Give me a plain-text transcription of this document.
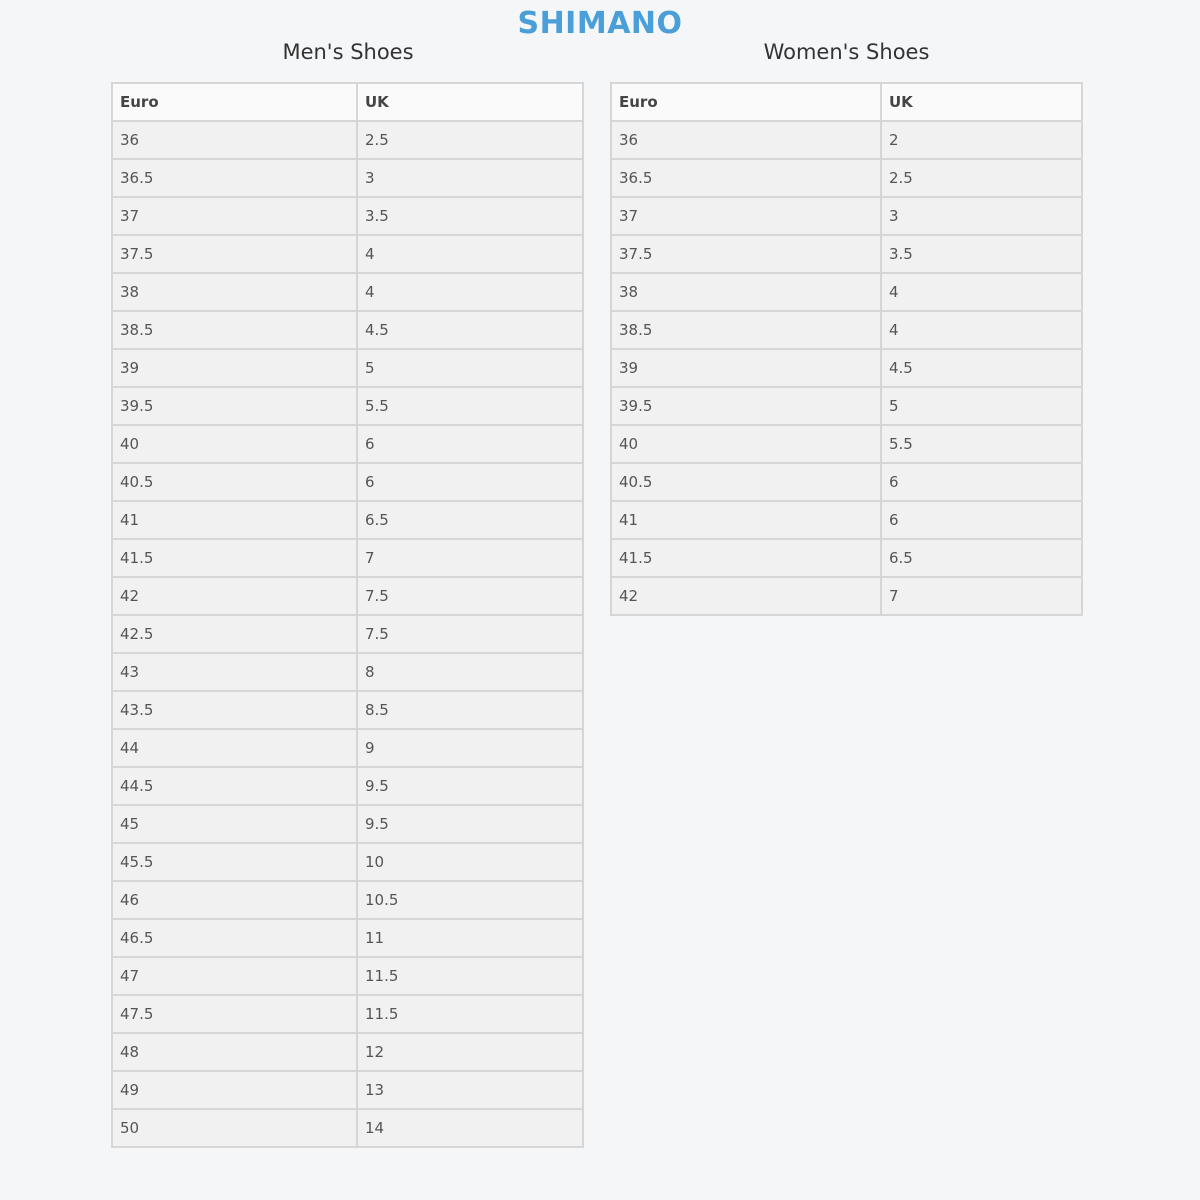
SHIMANO
Men's Shoes	Women's Shoes
Euro	UK
36	2.5
36.5	3
37	3.5
37.5	4
38	4
38.5	4.5
39	5
39.5	5.5
40	6
40.5	6
41	6.5
41.5	7
42	7.5
42.5	7.5
43	8
43.5	8.5
44	9
44.5	9.5
45	9.5
45.5	10
46	10.5
46.5	11
47	11.5
47.5	11.5
48	12
49	13
50	14
Euro	UK
36	2
36.5	2.5
37	3
37.5	3.5
38	4
38.5	4
39	4.5
39.5	5
40	5.5
40.5	6
41	6
41.5	6.5
42	7
